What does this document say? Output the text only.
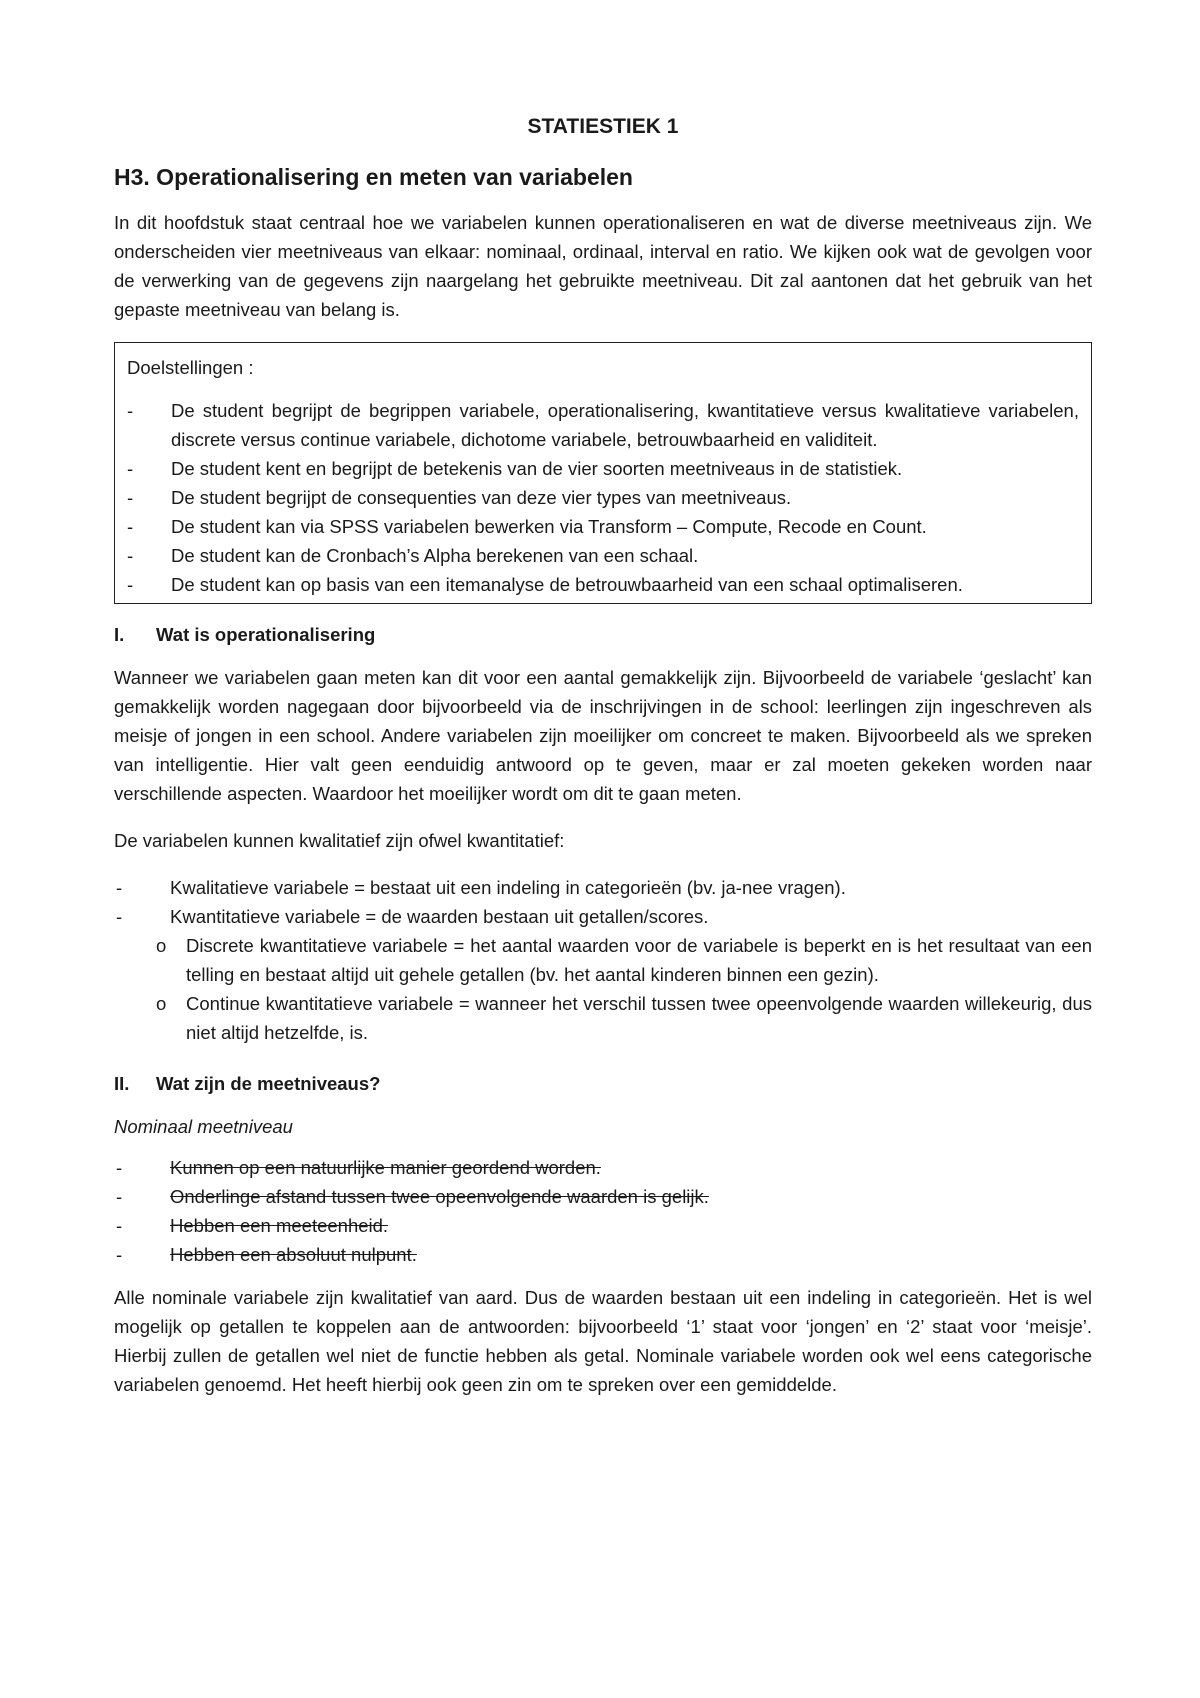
STATIESTIEK 1
H3. Operationalisering en meten van variabelen

In dit hoofdstuk staat centraal hoe we variabelen kunnen operationaliseren en wat de diverse meetniveaus zijn. We onderscheiden vier meetniveaus van elkaar: nominaal, ordinaal, interval en ratio. We kijken ook wat de gevolgen voor de verwerking van de gegevens zijn naargelang het gebruikte meetniveau. Dit zal aantonen dat het gebruik van het gepaste meetniveau van belang is.

Doelstellingen :
- De student begrijpt de begrippen variabele, operationalisering, kwantitatieve versus kwalitatieve variabelen, discrete versus continue variabele, dichotome variabele, betrouwbaarheid en validiteit.
- De student kent en begrijpt de betekenis van de vier soorten meetniveaus in de statistiek.
- De student begrijpt de consequenties van deze vier types van meetniveaus.
- De student kan via SPSS variabelen bewerken via Transform – Compute, Recode en Count.
- De student kan de Cronbach’s Alpha berekenen van een schaal.
- De student kan op basis van een itemanalyse de betrouwbaarheid van een schaal optimaliseren.
I.	Wat is operationalisering

Wanneer we variabelen gaan meten kan dit voor een aantal gemakkelijk zijn. Bijvoorbeeld de variabele ‘geslacht’ kan gemakkelijk worden nagegaan door bijvoorbeeld via de inschrijvingen in de school: leerlingen zijn ingeschreven als meisje of jongen in een school. Andere variabelen zijn moeilijker om concreet te maken. Bijvoorbeeld als we spreken van intelligentie. Hier valt geen eenduidig antwoord op te geven, maar er zal moeten gekeken worden naar verschillende aspecten. Waardoor het moeilijker wordt om dit te gaan meten.

De variabelen kunnen kwalitatief zijn ofwel kwantitatief:

-	Kwalitatieve variabele = bestaat uit een indeling in categorieën (bv. ja-nee vragen).
-	Kwantitatieve variabele = de waarden bestaan uit getallen/scores.
o Discrete kwantitatieve variabele = het aantal waarden voor de variabele is beperkt en is het resultaat van een telling en bestaat altijd uit gehele getallen (bv. het aantal kinderen binnen een gezin).
o Continue kwantitatieve variabele = wanneer het verschil tussen twee opeenvolgende waarden willekeurig, dus niet altijd hetzelfde, is.
II.	Wat zijn de meetniveaus?
Nominaal meetniveau
-	Kunnen op een natuurlijke manier geordend worden.
-	Onderlinge afstand tussen twee opeenvolgende waarden is gelijk.
-	Hebben een meeteenheid.
-	Hebben een absoluut nulpunt.

Alle nominale variabele zijn kwalitatief van aard. Dus de waarden bestaan uit een indeling in categorieën. Het is wel mogelijk op getallen te koppelen aan de antwoorden: bijvoorbeeld ‘1’ staat voor ‘jongen’ en ‘2’ staat voor ‘meisje’. Hierbij zullen de getallen wel niet de functie hebben als getal. Nominale variabele worden ook wel eens categorische variabelen genoemd. Het heeft hierbij ook geen zin om te spreken over een gemiddelde.
